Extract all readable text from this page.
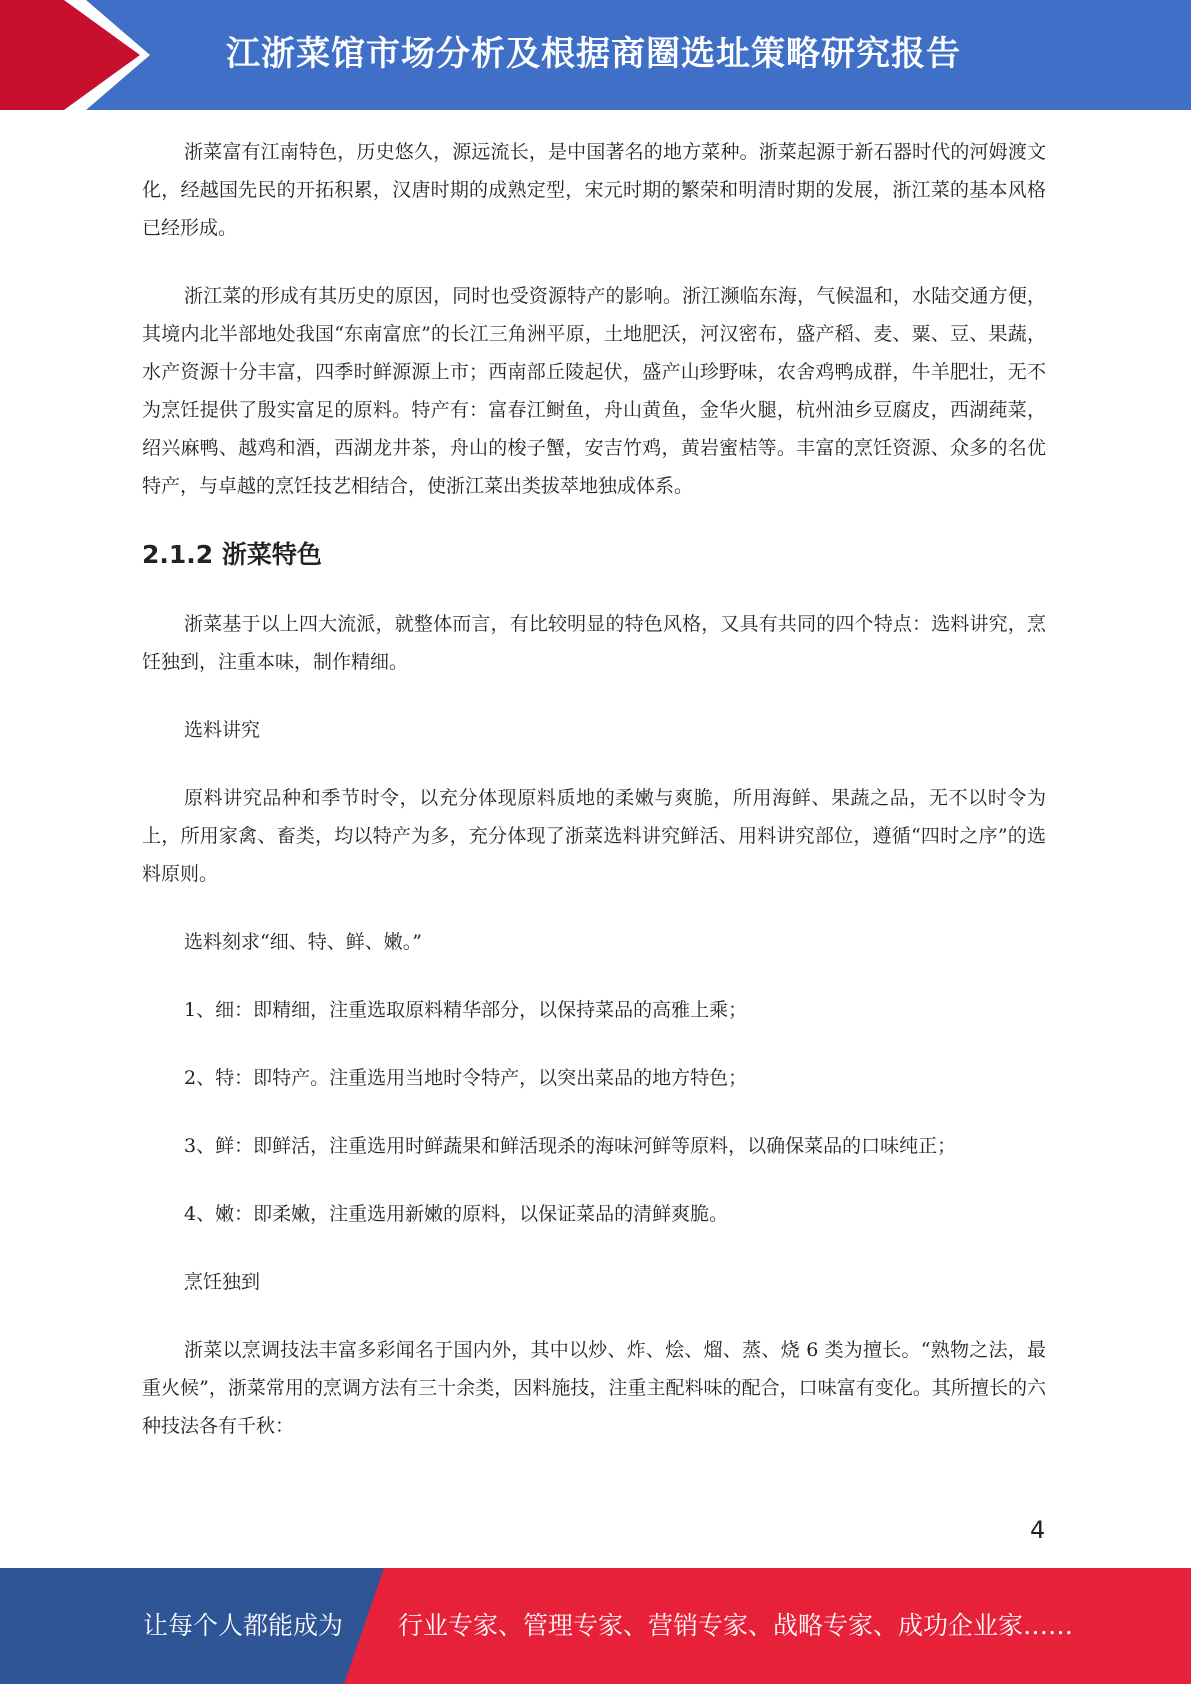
江浙菜馆市场分析及根据商圈选址策略研究报告

浙菜富有江南特色，历史悠久，源远流长，是中国著名的地方菜种。浙菜起源于新石器时代的河姆渡文化，经越国先民的开拓积累，汉唐时期的成熟定型，宋元时期的繁荣和明清时期的发展，浙江菜的基本风格已经形成。

浙江菜的形成有其历史的原因，同时也受资源特产的影响。浙江濒临东海，气候温和，水陆交通方便，其境内北半部地处我国“东南富庶”的长江三角洲平原，土地肥沃，河汉密布，盛产稻、麦、粟、豆、果蔬，水产资源十分丰富，四季时鲜源源上市；西南部丘陵起伏，盛产山珍野味，农舍鸡鸭成群，牛羊肥壮，无不为烹饪提供了殷实富足的原料。特产有：富春江鲥鱼，舟山黄鱼，金华火腿，杭州油乡豆腐皮，西湖莼菜，绍兴麻鸭、越鸡和酒，西湖龙井茶，舟山的梭子蟹，安吉竹鸡，黄岩蜜桔等。丰富的烹饪资源、众多的名优特产，与卓越的烹饪技艺相结合，使浙江菜出类拔萃地独成体系。

2.1.2 浙菜特色

浙菜基于以上四大流派，就整体而言，有比较明显的特色风格，又具有共同的四个特点：选料讲究，烹饪独到，注重本味，制作精细。

选料讲究

原料讲究品种和季节时令，以充分体现原料质地的柔嫩与爽脆，所用海鲜、果蔬之品，无不以时令为上，所用家禽、畜类，均以特产为多，充分体现了浙菜选料讲究鲜活、用料讲究部位，遵循“四时之序”的选料原则。

选料刻求“细、特、鲜、嫩。”

1、细：即精细，注重选取原料精华部分，以保持菜品的高雅上乘；

2、特：即特产。注重选用当地时令特产，以突出菜品的地方特色；

3、鲜：即鲜活，注重选用时鲜蔬果和鲜活现杀的海味河鲜等原料，以确保菜品的口味纯正；

4、嫩：即柔嫩，注重选用新嫩的原料，以保证菜品的清鲜爽脆。

烹饪独到

浙菜以烹调技法丰富多彩闻名于国内外，其中以炒、炸、烩、熘、蒸、烧 6 类为擅长。“熟物之法，最重火候”，浙菜常用的烹调方法有三十余类，因料施技，注重主配料味的配合，口味富有变化。其所擅长的六种技法各有千秋：

4
让每个人都能成为 行业专家、管理专家、营销专家、战略专家、成功企业家……
